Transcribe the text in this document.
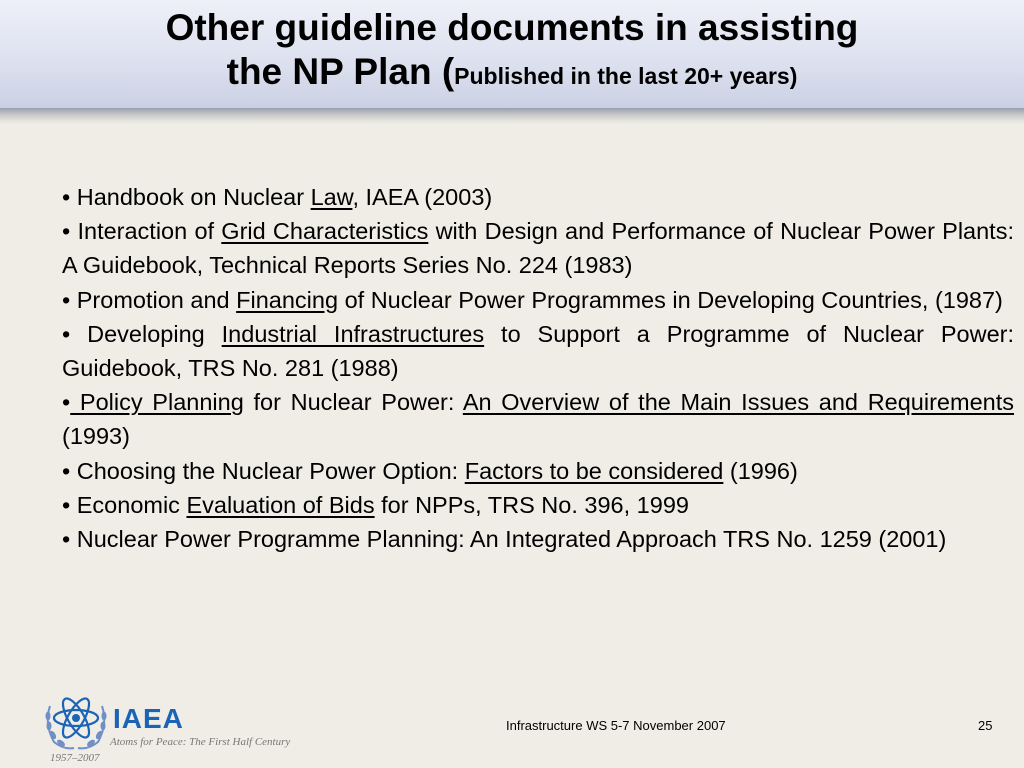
Other guideline documents in assisting
the NP Plan (Published in the last 20+ years)

• Handbook on Nuclear Law, IAEA (2003)

• Interaction of Grid Characteristics with Design and Performance of Nuclear Power Plants: A Guidebook, Technical Reports Series No. 224 (1983)

• Promotion and Financing of Nuclear Power Programmes in Developing Countries, (1987)

• Developing Industrial Infrastructures to Support a Programme of Nuclear Power: Guidebook, TRS No. 281 (1988)

• Policy Planning for Nuclear Power: An Overview of the Main Issues and Requirements (1993)

• Choosing the Nuclear Power Option: Factors to be considered (1996)

• Economic Evaluation of Bids for NPPs, TRS No. 396, 1999

• Nuclear Power Programme Planning: An Integrated Approach TRS No. 1259 (2001)

IAEA
Atoms for Peace: The First Half Century
1957–2007
Infrastructure WS 5-7 November 2007	25
